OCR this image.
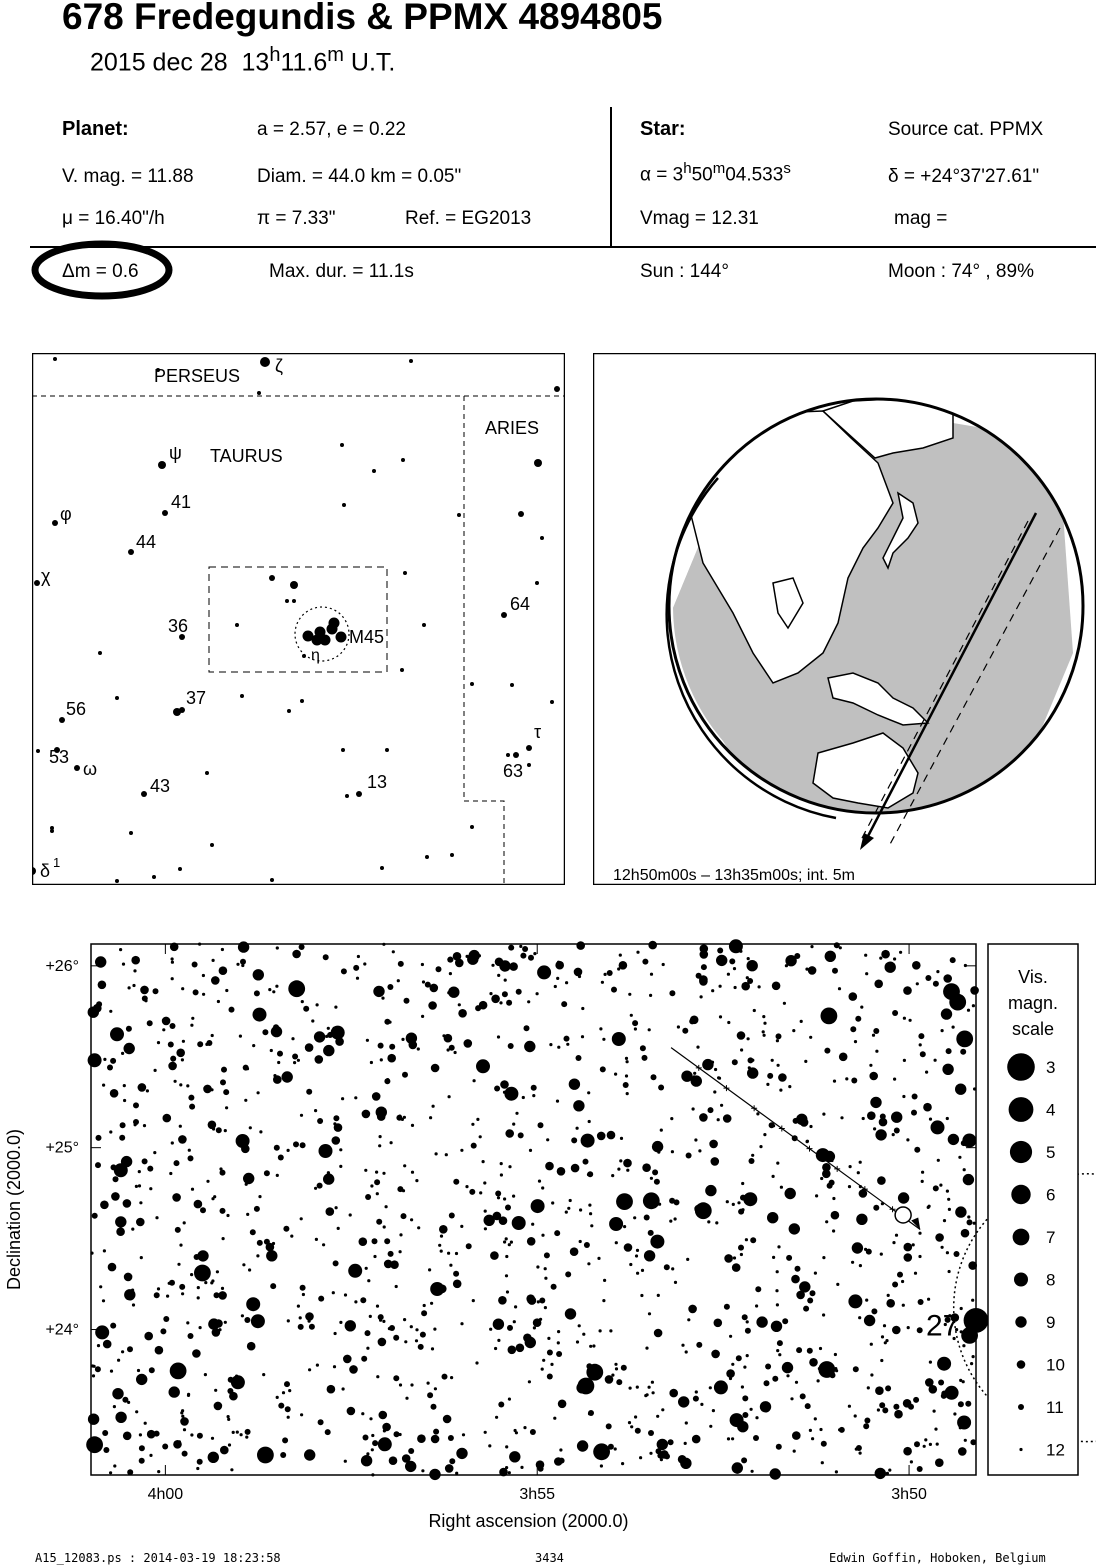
678 Fredegundis & PPMX 4894805
2015 dec 28 13$^h$11.6$^m$ U.T.
Planet:	a = 2.57, e = 0.22
V. mag. = 11.88	Diam. = 44.0 km = 0.05"
μ = 16.40"/h	π = 7.33"	Ref. = EG2013
Star:	Source cat. PPMX
$\alpha = 3^h50^m04.533^s$	δ = +24°37'27.61"
Vmag = 12.31	mag =
Δm = 0.6	Max. dur. = 11.1s	Sun : 144°	Moon : 74° , 89%
PERSEUS
TAURUS
ARIES
ζ
ψ
φ
χ
41
44
36
M45
η
37
56
53
ω
43	13
64
τ
63
δ 1
12h50m00s – 13h35m00s; int. 5m
4h00	3h55	3h50
+26°
+25°
+24°
Right ascension (2000.0)
Declination (2000.0)
27
Vis.
magn.
scale
3
4
5
6
7
8
9
10
11
12
A15_12083.ps : 2014-03-19 18:23:58	3434	Edwin Goffin, Hoboken, Belgium
